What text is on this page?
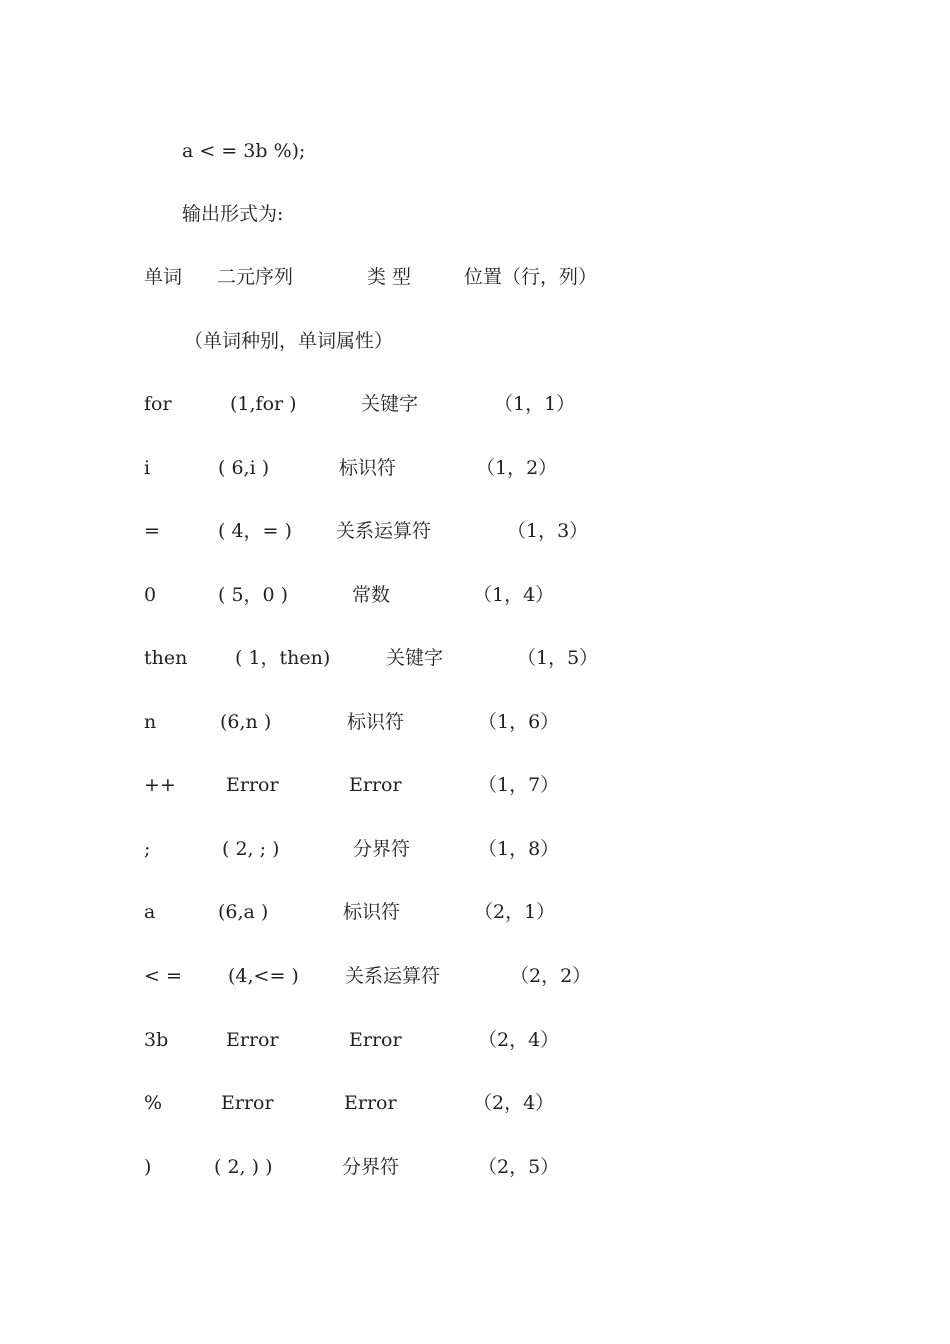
a < = 3b %);
输出形式为:
单词 二元序列	类 型	位置（行，列）
（单词种别，单词属性）
for	(1,for )	关键字	（1，1）
i	( 6,i )	标识符	（1，2）
=	( 4，= ) 关系运算符	（1，3）
0	( 5，0 )	常数	（1，4）
then	( 1，then)	关键字	（1，5）
n	(6,n )	标识符	（1，6）
++	Error	Error	（1，7）
;	( 2, ; )	分界符	（1，8）
a	(6,a )	标识符	（2，1）
< = (4,<= ) 关系运算符	（2，2）
3b	Error	Error	（2，4）
%	Error	Error	（2，4）
)	( 2, ) )	分界符	（2，5）
